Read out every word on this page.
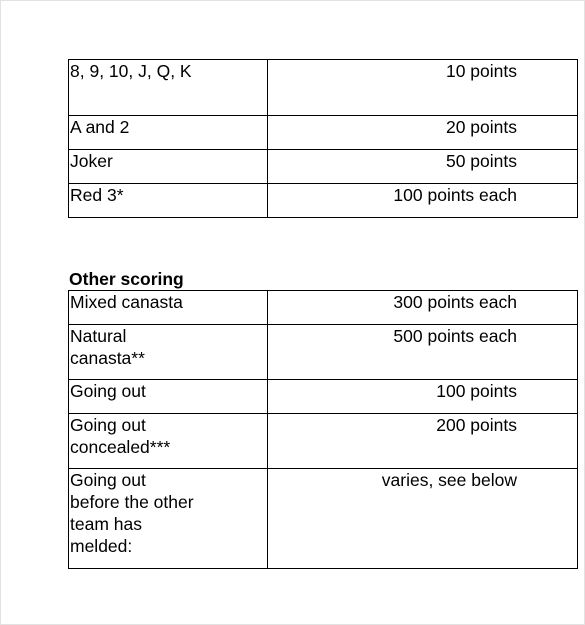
8, 9, 10, J, Q, K	10 points
A and 2	20 points
Joker	50 points
Red 3*	100 points each
Other scoring
Mixed canasta	300 points each
Natural
canasta**	500 points each
Going out	100 points
Going out
concealed***	200 points
Going out
before the other
team has
melded:	varies, see below
